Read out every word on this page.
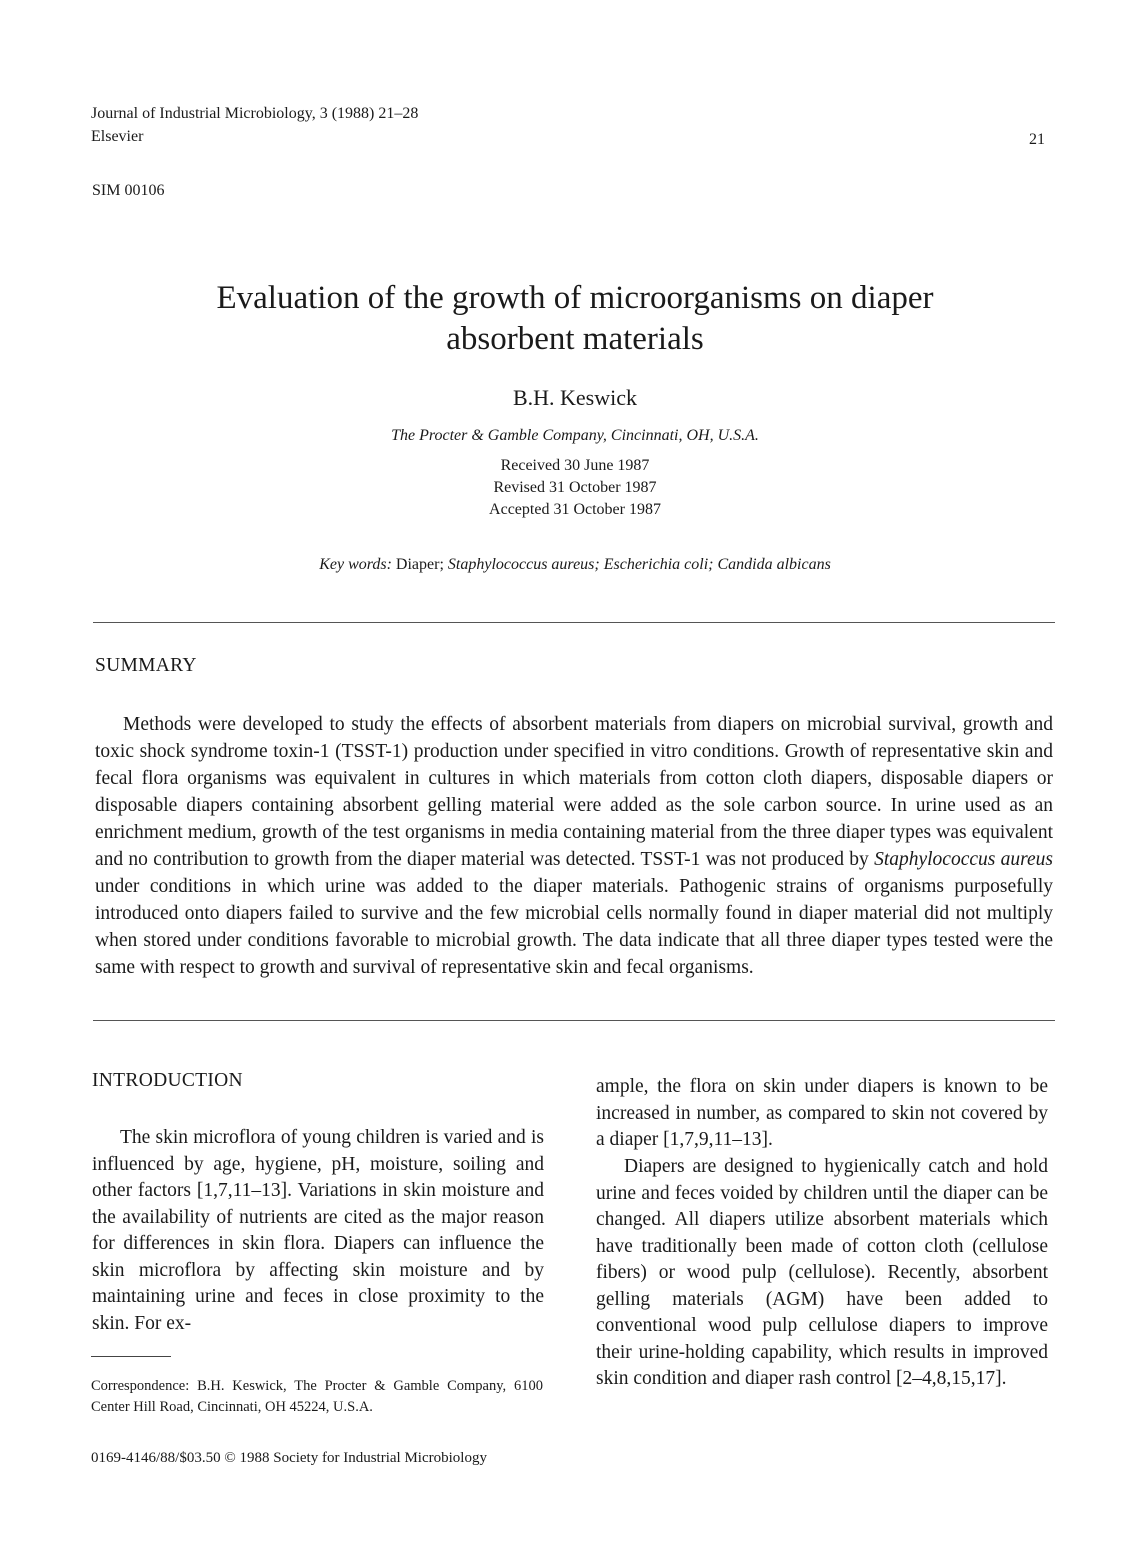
Journal of Industrial Microbiology, 3 (1988) 21–28
Elsevier	21
SIM 00106
Evaluation of the growth of microorganisms on diaper
absorbent materials
B.H. Keswick
The Procter & Gamble Company, Cincinnati, OH, U.S.A.
Received 30 June 1987
Revised 31 October 1987
Accepted 31 October 1987
Key words: Diaper; Staphylococcus aureus; Escherichia coli; Candida albicans
SUMMARY
Methods were developed to study the effects of absorbent materials from diapers on microbial survival, growth and toxic shock syndrome toxin-1 (TSST-1) production under specified in vitro conditions. Growth of representative skin and fecal flora organisms was equivalent in cultures in which materials from cotton cloth diapers, disposable diapers or disposable diapers containing absorbent gelling material were added as the sole carbon source. In urine used as an enrichment medium, growth of the test organisms in media containing material from the three diaper types was equivalent and no contribution to growth from the diaper material was detected. TSST-1 was not produced by Staphylococcus aureus under conditions in which urine was added to the diaper materials. Pathogenic strains of organisms purposefully introduced onto diapers failed to survive and the few microbial cells normally found in diaper material did not multiply when stored under conditions favorable to microbial growth. The data indicate that all three diaper types tested were the same with respect to growth and survival of representative skin and fecal organisms.
INTRODUCTION
The skin microflora of young children is varied and is influenced by age, hygiene, pH, moisture, soiling and other factors [1,7,11–13]. Variations in skin moisture and the availability of nutrients are cited as the major reason for differences in skin flora. Diapers can influence the skin microflora by affecting skin moisture and by maintaining urine and feces in close proximity to the skin. For ex-
Correspondence: B.H. Keswick, The Procter & Gamble Company, 6100 Center Hill Road, Cincinnati, OH 45224, U.S.A.
0169-4146/88/$03.50 © 1988 Society for Industrial Microbiology
ample, the flora on skin under diapers is known to be increased in number, as compared to skin not covered by a diaper [1,7,9,11–13].
Diapers are designed to hygienically catch and hold urine and feces voided by children until the diaper can be changed. All diapers utilize absorbent materials which have traditionally been made of cotton cloth (cellulose fibers) or wood pulp (cellulose). Recently, absorbent gelling materials (AGM) have been added to conventional wood pulp cellulose diapers to improve their urine-holding capability, which results in improved skin condition and diaper rash control [2–4,8,15,17].
